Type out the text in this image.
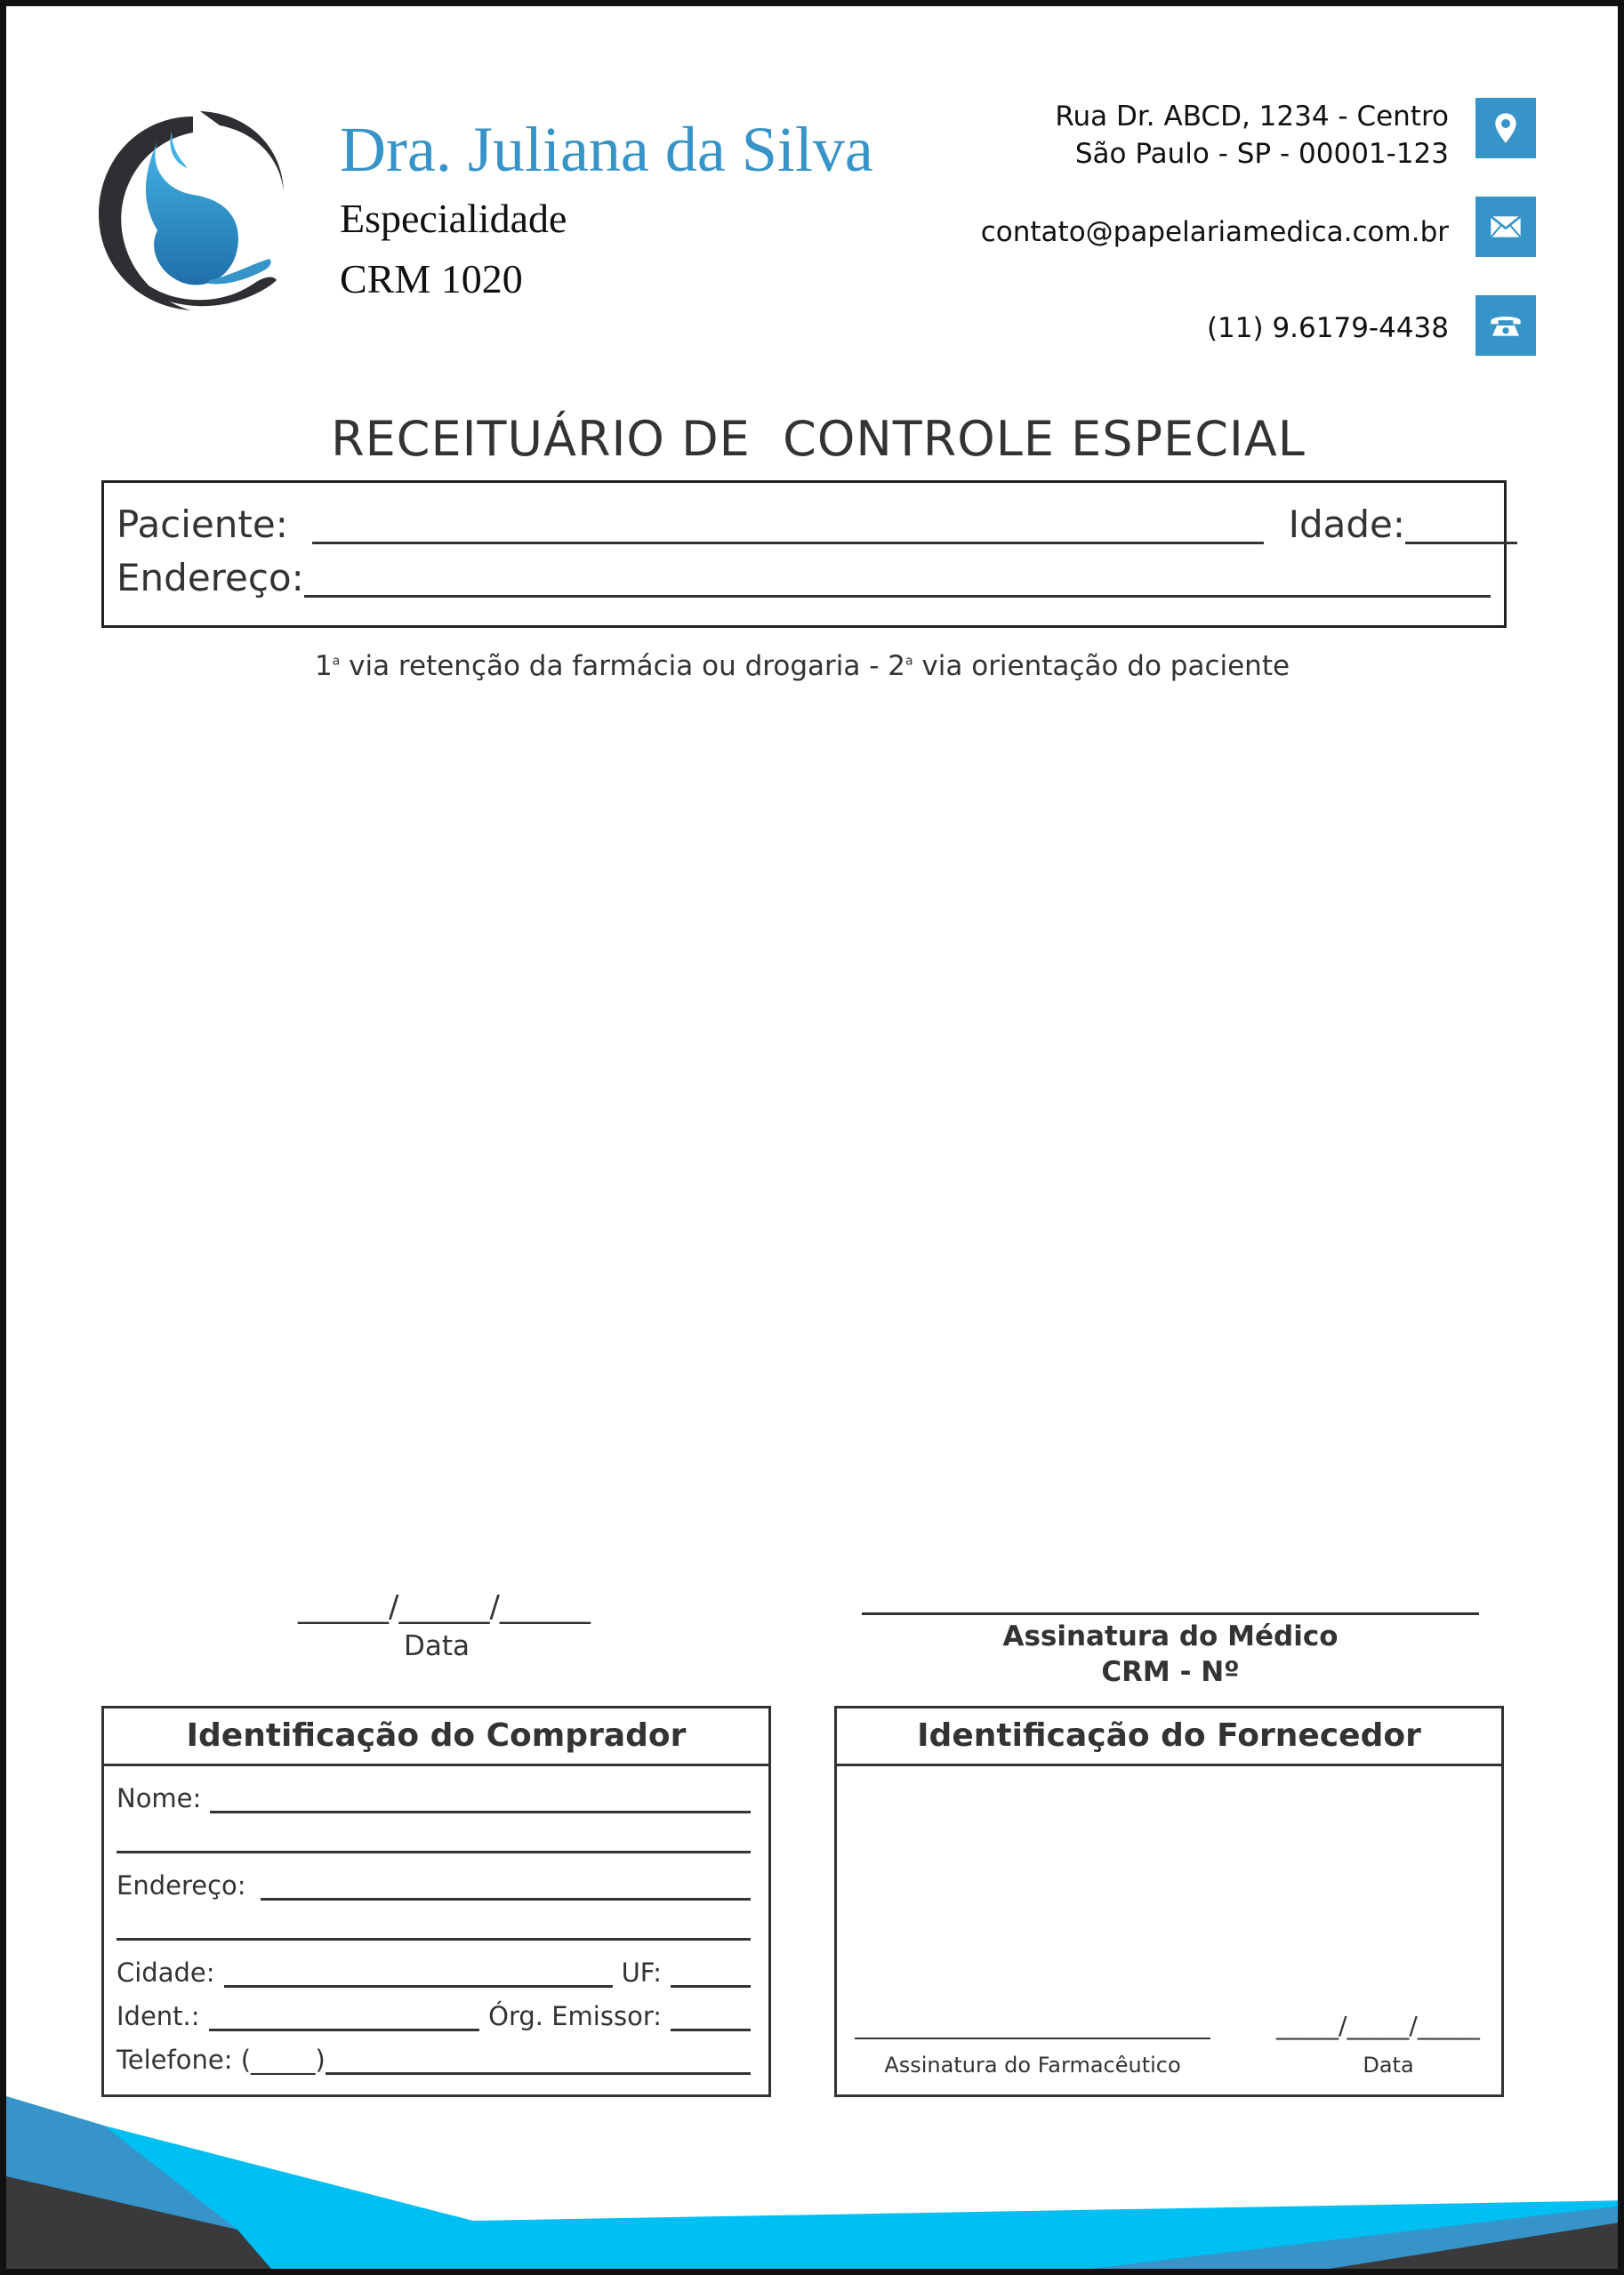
Dra. Juliana da Silva
Especialidade
CRM 1020
Rua Dr. ABCD, 1234 - Centro
São Paulo - SP - 00001-123
contato@papelariamedica.com.br
(11) 9.6179-4438
RECEITUÁRIO DE  CONTROLE ESPECIAL
Paciente:	Idade:
Endereço:
1$^a$ via retenção da farmácia ou drogaria - 2$^a$ via orientação do paciente
______/______/______
Data	Assinatura do Médico
CRM - Nº
Identificação do Comprador
Nome:
Endereço:
Cidade:	UF:
Ident.:	Órg. Emissor:
Telefone: (_____)
Identificação do Fornecedor
Assinatura do Farmacêutico
_____/_____/_____
Data
